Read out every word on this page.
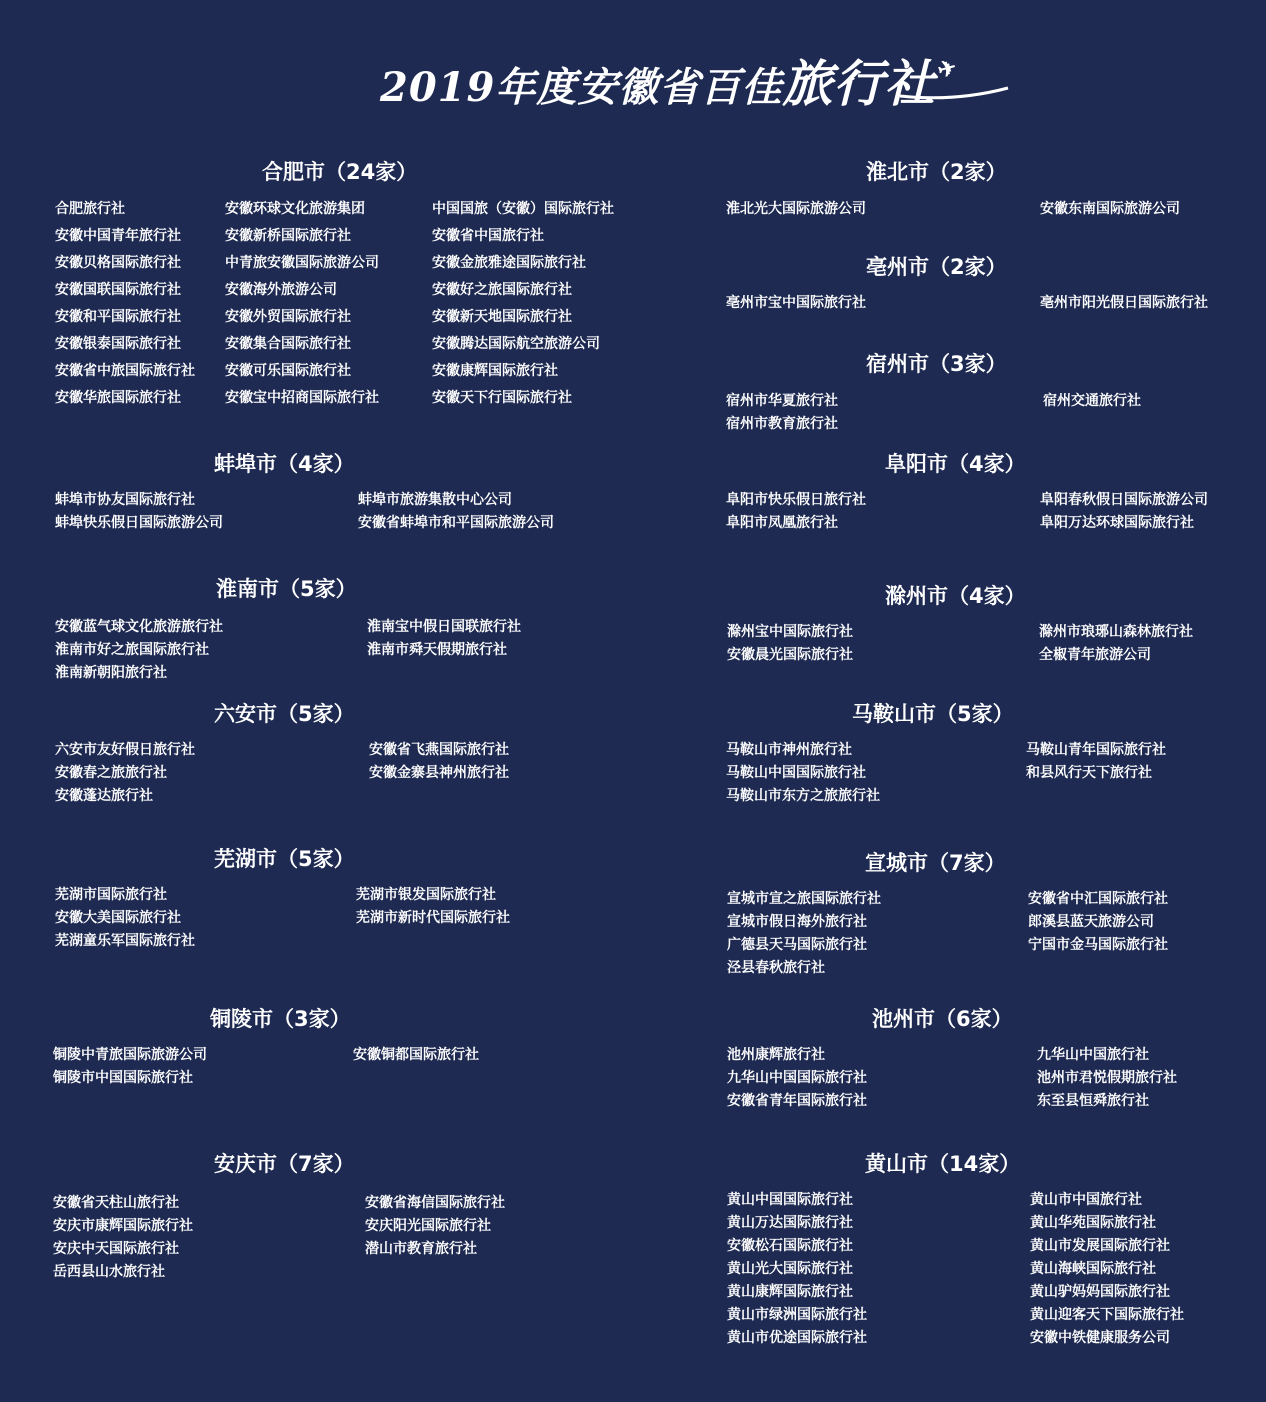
2019年度安徽省百佳旅行社 ✈
合肥市（24家）
合肥旅行社	安徽环球文化旅游集团	中国国旅（安徽）国际旅行社
安徽中国青年旅行社	安徽新桥国际旅行社	安徽省中国旅行社
安徽贝格国际旅行社	中青旅安徽国际旅游公司	安徽金旅雅途国际旅行社
安徽国联国际旅行社	安徽海外旅游公司	安徽好之旅国际旅行社
安徽和平国际旅行社	安徽外贸国际旅行社	安徽新天地国际旅行社
安徽银泰国际旅行社	安徽集合国际旅行社	安徽腾达国际航空旅游公司
安徽省中旅国际旅行社 安徽可乐国际旅行社	安徽康辉国际旅行社
安徽华旅国际旅行社	安徽宝中招商国际旅行社	安徽天下行国际旅行社
蚌埠市（4家）
蚌埠市协友国际旅行社	蚌埠市旅游集散中心公司
蚌埠快乐假日国际旅游公司	安徽省蚌埠市和平国际旅游公司
淮南市（5家）
安徽蓝气球文化旅游旅行社	淮南宝中假日国联旅行社
淮南市好之旅国际旅行社	淮南市舜天假期旅行社
淮南新朝阳旅行社
六安市（5家）
六安市友好假日旅行社	安徽省飞燕国际旅行社
安徽春之旅旅行社	安徽金寨县神州旅行社
安徽蓬达旅行社
芜湖市（5家）
芜湖市国际旅行社	芜湖市银发国际旅行社
安徽大美国际旅行社	芜湖市新时代国际旅行社
芜湖童乐军国际旅行社
铜陵市（3家）
铜陵中青旅国际旅游公司	安徽铜都国际旅行社
铜陵市中国国际旅行社
安庆市（7家）
安徽省天柱山旅行社	安徽省海信国际旅行社
安庆市康辉国际旅行社	安庆阳光国际旅行社
安庆中天国际旅行社	潜山市教育旅行社
岳西县山水旅行社
淮北市（2家）
淮北光大国际旅游公司	安徽东南国际旅游公司
亳州市（2家）
亳州市宝中国际旅行社	亳州市阳光假日国际旅行社
宿州市（3家）
宿州市华夏旅行社	宿州交通旅行社
宿州市教育旅行社
阜阳市（4家）
阜阳市快乐假日旅行社	阜阳春秋假日国际旅游公司
阜阳市凤凰旅行社	阜阳万达环球国际旅行社
滁州市（4家）
滁州宝中国际旅行社	滁州市琅琊山森林旅行社
安徽晨光国际旅行社	全椒青年旅游公司
马鞍山市（5家）
马鞍山市神州旅行社	马鞍山青年国际旅行社
马鞍山中国国际旅行社	和县风行天下旅行社
马鞍山市东方之旅旅行社
宣城市（7家）
宣城市宣之旅国际旅行社	安徽省中汇国际旅行社
宣城市假日海外旅行社	郎溪县蓝天旅游公司
广德县天马国际旅行社	宁国市金马国际旅行社
泾县春秋旅行社
池州市（6家）
池州康辉旅行社	九华山中国旅行社
九华山中国国际旅行社	池州市君悦假期旅行社
安徽省青年国际旅行社	东至县恒舜旅行社
黄山市（14家）
黄山中国国际旅行社	黄山市中国旅行社
黄山万达国际旅行社	黄山华苑国际旅行社
安徽松石国际旅行社	黄山市发展国际旅行社
黄山光大国际旅行社	黄山海峡国际旅行社
黄山康辉国际旅行社	黄山驴妈妈国际旅行社
黄山市绿洲国际旅行社	黄山迎客天下国际旅行社
黄山市优途国际旅行社	安徽中铁健康服务公司
